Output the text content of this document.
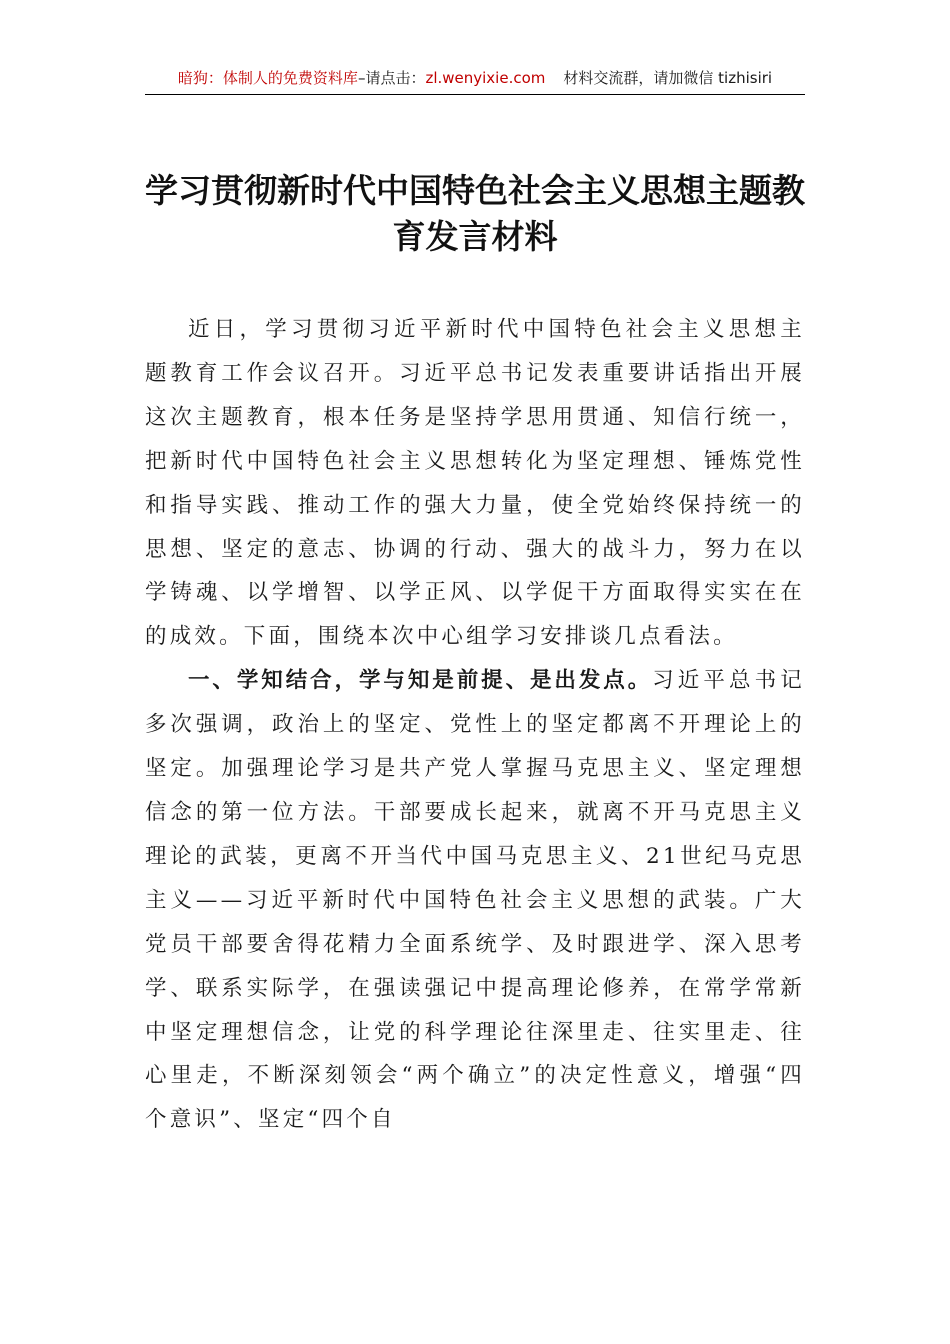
暗狗：体制人的免费资料库–请点击：zl.wenyixie.com 材料交流群，请加微信 tizhisiri
学习贯彻新时代中国特色社会主义思想主题教育发言材料

近日，学习贯彻习近平新时代中国特色社会主义思想主题教育工作会议召开。习近平总书记发表重要讲话指出开展这次主题教育，根本任务是坚持学思用贯通、知信行统一，把新时代中国特色社会主义思想转化为坚定理想、锤炼党性和指导实践、推动工作的强大力量，使全党始终保持统一的思想、坚定的意志、协调的行动、强大的战斗力，努力在以学铸魂、以学增智、以学正风、以学促干方面取得实实在在的成效。下面，围绕本次中心组学习安排谈几点看法。

一、学知结合，学与知是前提、是出发点。习近平总书记多次强调，政治上的坚定、党性上的坚定都离不开理论上的坚定。加强理论学习是共产党人掌握马克思主义、坚定理想信念的第一位方法。干部要成长起来，就离不开马克思主义理论的武装，更离不开当代中国马克思主义、21世纪马克思主义——习近平新时代中国特色社会主义思想的武装。广大党员干部要舍得花精力全面系统学、及时跟进学、深入思考学、联系实际学，在强读强记中提高理论修养，在常学常新中坚定理想信念，让党的科学理论往深里走、往实里走、往心里走，不断深刻领会“两个确立”的决定性意义，增强“四个意识”、坚定“四个自
